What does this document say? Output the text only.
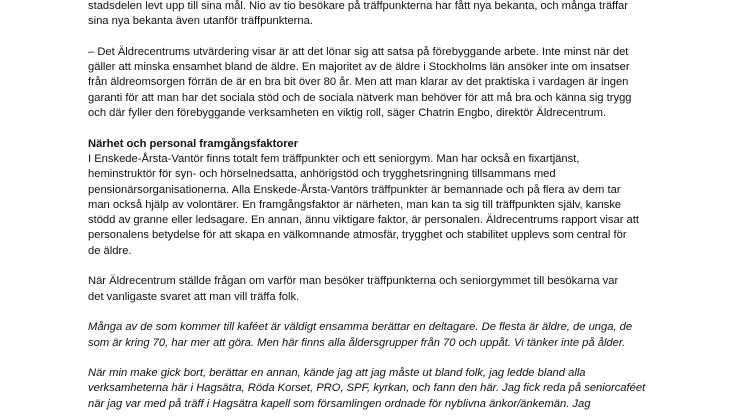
stadsdelen levt upp till sina mål. Nio av tio besökare på träffpunkterna har fått nya bekanta, och många träffar
sina nya bekanta även utanför träffpunkterna.
– Det Äldrecentrums utvärdering visar är att det lönar sig att satsa på förebyggande arbete. Inte minst när det
gäller att minska ensamhet bland de äldre. En majoritet av de äldre i Stockholms län ansöker inte om insatser
från äldreomsorgen förrän de är en bra bit över 80 år. Men att man klarar av det praktiska i vardagen är ingen
garanti för att man har det sociala stöd och de sociala nätverk man behöver för att må bra och känna sig trygg
och där fyller den förebyggande verksamheten en viktig roll, säger Chatrin Engbo, direktör Äldrecentrum.
Närhet och personal framgångsfaktorer
I Enskede-Årsta-Vantör finns totalt fem träffpunkter och ett seniorgym. Man har också en fixartjänst,
heminstruktör för syn- och hörselnedsatta, anhörigstöd och trygghetsringning tillsammans med
pensionärsorganisationerna. Alla Enskede-Årsta-Vantörs träffpunkter är bemannade och på flera av dem tar
man också hjälp av volontärer. En framgångsfaktor är närheten, man kan ta sig till träffpunkten själv, kanske
stödd av granne eller ledsagare. En annan, ännu viktigare faktor, är personalen. Äldrecentrums rapport visar att
personalens betydelse för att skapa en välkomnande atmosfär, trygghet och stabilitet upplevs som central för
de äldre.
När Äldrecentrum ställde frågan om varför man besöker träffpunkterna och seniorgymmet till besökarna var
det vanligaste svaret att man vill träffa folk.
Många av de som kommer till kaféet är väldigt ensamma berättar en deltagare. De flesta är äldre, de unga, de
som är kring 70, har mer att göra. Men här finns alla åldersgrupper från 70 och uppåt. Vi tänker inte på ålder.
När min make gick bort, berättar en annan, kände jag att jag måste ut bland folk, jag ledde bland alla
verksamheterna här i Hagsätra, Röda Korset, PRO, SPF, kyrkan, och fann den här. Jag fick reda på seniorcaféet
när jag var med på träff i Hagsätra kapell som församlingen ordnade för nyblivna änkor/änkemän. Jag
